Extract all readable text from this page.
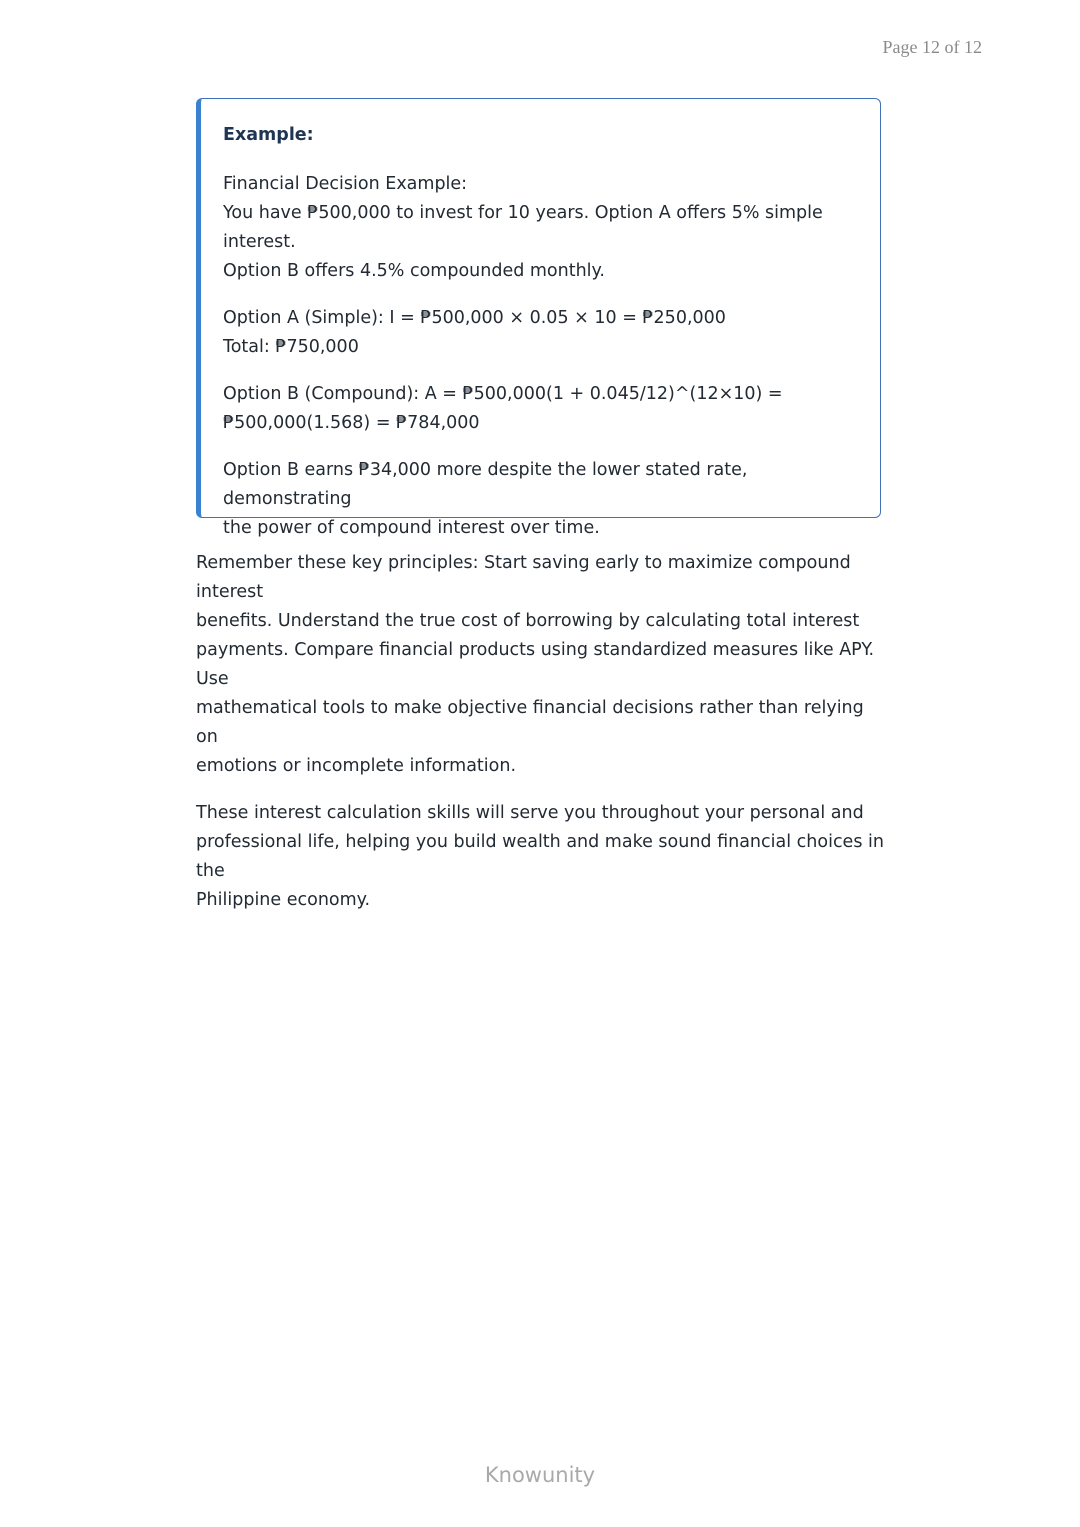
Page 12 of 12
Example:

Financial Decision Example:
You have ₱500,000 to invest for 10 years. Option A offers 5% simple interest.
Option B offers 4.5% compounded monthly.

Option A (Simple): I = ₱500,000 × 0.05 × 10 = ₱250,000
Total: ₱750,000

Option B (Compound): A = ₱500,000(1 + 0.045/12)^(12×10) =
₱500,000(1.568) = ₱784,000

Option B earns ₱34,000 more despite the lower stated rate, demonstrating
the power of compound interest over time.

Remember these key principles: Start saving early to maximize compound interest
benefits. Understand the true cost of borrowing by calculating total interest
payments. Compare financial products using standardized measures like APY. Use
mathematical tools to make objective financial decisions rather than relying on
emotions or incomplete information.

These interest calculation skills will serve you throughout your personal and
professional life, helping you build wealth and make sound financial choices in the
Philippine economy.

Knowunity
